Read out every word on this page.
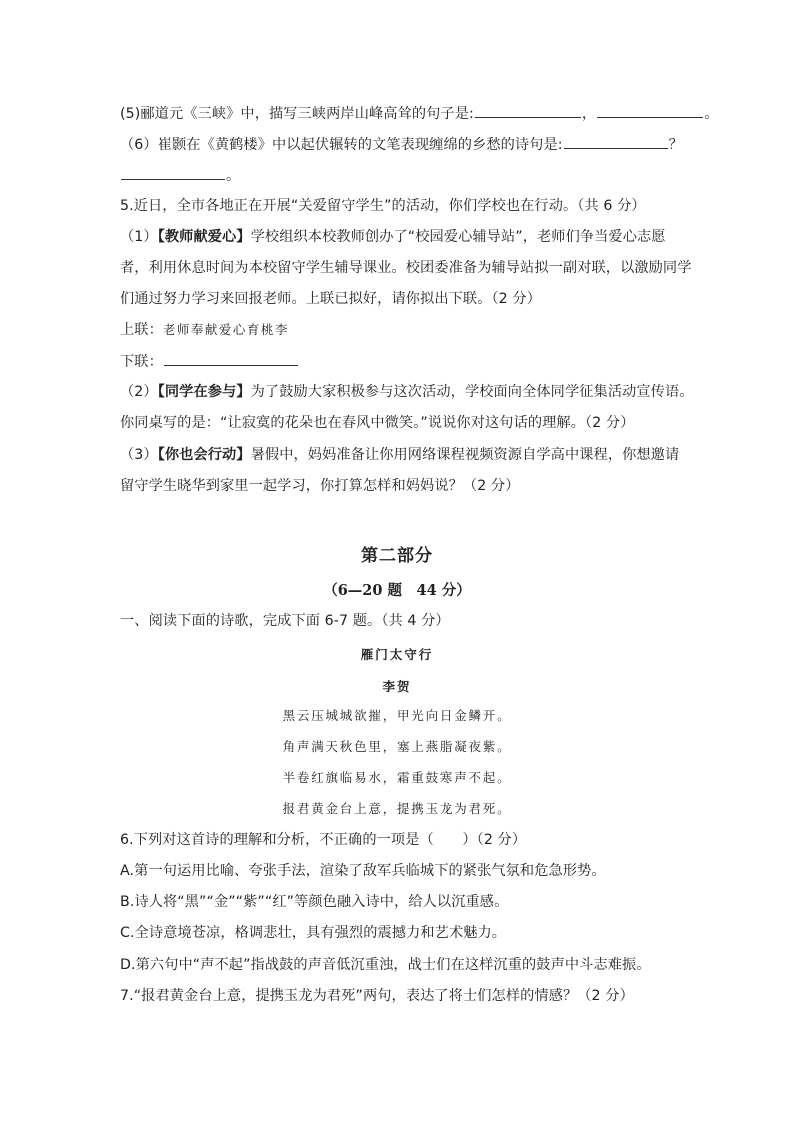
(5)郦道元《三峡》中，描写三峡两岸山峰高耸的句子是:	，	。
（6）崔颢在《黄鹤楼》中以起伏辗转的文笔表现缠绵的乡愁的诗句是:	？
。
5.近日，全市各地正在开展“关爱留守学生”的活动，你们学校也在行动。（共 6 分）
（1）【教师献爱心】学校组织本校教师创办了“校园爱心辅导站”，老师们争当爱心志愿
者，利用休息时间为本校留守学生辅导课业。校团委准备为辅导站拟一副对联，以激励同学
们通过努力学习来回报老师。上联已拟好，请你拟出下联。（2 分）
上联：老师奉献爱心育桃李
下联：
（2）【同学在参与】为了鼓励大家积极参与这次活动，学校面向全体同学征集活动宣传语。
你同桌写的是：“让寂寞的花朵也在春风中微笑。”说说你对这句话的理解。（2 分）
（3）【你也会行动】暑假中，妈妈准备让你用网络课程视频资源自学高中课程，你想邀请
留守学生晓华到家里一起学习，你打算怎样和妈妈说？（2 分）
第二部分
（6—20 题　44 分）
一、阅读下面的诗歌，完成下面 6-7 题。（共 4 分）
雁门太守行
李贺
黑云压城城欲摧，甲光向日金鳞开。
角声满天秋色里，塞上燕脂凝夜紫。
半卷红旗临易水，霜重鼓寒声不起。
报君黄金台上意，提携玉龙为君死。
6.下列对这首诗的理解和分析，不正确的一项是（　　）（2 分）
A.第一句运用比喻、夸张手法，渲染了敌军兵临城下的紧张气氛和危急形势。
B.诗人将“黑”“金”“紫”“红”等颜色融入诗中，给人以沉重感。
C.全诗意境苍凉，格调悲壮，具有强烈的震撼力和艺术魅力。
D.第六句中“声不起”指战鼓的声音低沉重浊，战士们在这样沉重的鼓声中斗志难振。
7.“报君黄金台上意，提携玉龙为君死”两句，表达了将士们怎样的情感？（2 分）
